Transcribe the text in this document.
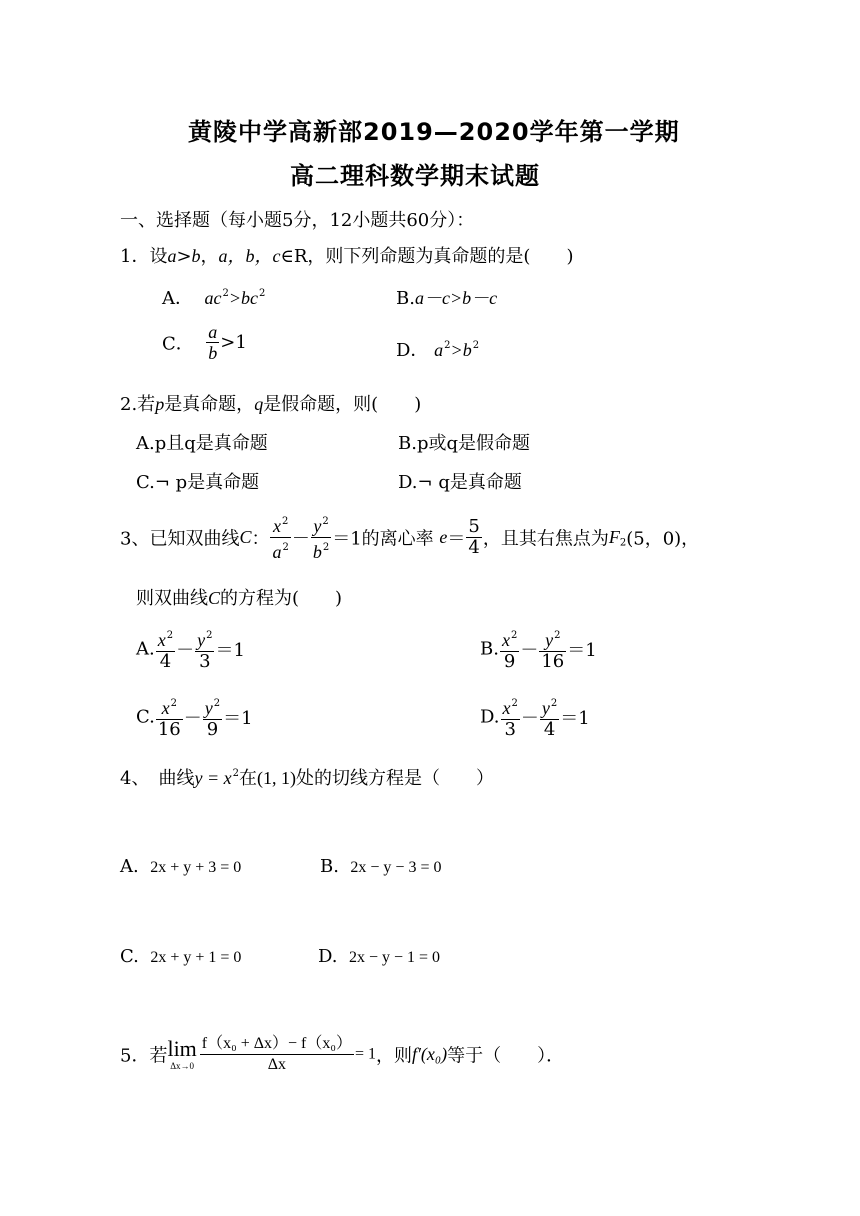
黄陵中学高新部2019—2020学年第一学期
高二理科数学期末试题
一、选择题（每小题5分，12小题共60分）：
1．设a>b，a，b，c∈R，则下列命题为真命题的是(　　)
A． $ac^2>bc^2$	B.a－c>b－c
C． $\frac{a}{b} >1$	D． $a^2>b^2$
2.若p是真命题，q是假命题，则(　　)
A.p且q是真命题	B.p或q是假命题
C.¬ p是真命题	D.¬ q是真命题
3、已知双曲线C： $\frac{x^2}{a^2} - \frac{y^2}{b^2} =1$的离心率 $e= \frac{5}{4}$ ，且其右焦点为$F_2(5$，0)，
则双曲线C的方程为(　　)
A. $\frac{x^2}{4} - \frac{y^2}{3} =1$	B. $\frac{x^2}{9} - \frac{y^2}{16} =1$
C. $\frac{x^2}{16} - \frac{y^2}{9} =1$	D. $\frac{x^2}{3} - \frac{y^2}{4} =1$
4、　曲线$y = x^2$在(1, 1)处的切线方程是（　　）
A. 2x + y + 3 = 0	B. 2x − y − 3 = 0
C. 2x + y + 1 = 0	D. 2x − y − 1 = 0
5．若 lim
$\Delta x\to 0 \frac{\text{f（x₀ + Δx）− f（x₀）}}{\Delta x} = 1$，则f′(x₀)等于（　　）．
